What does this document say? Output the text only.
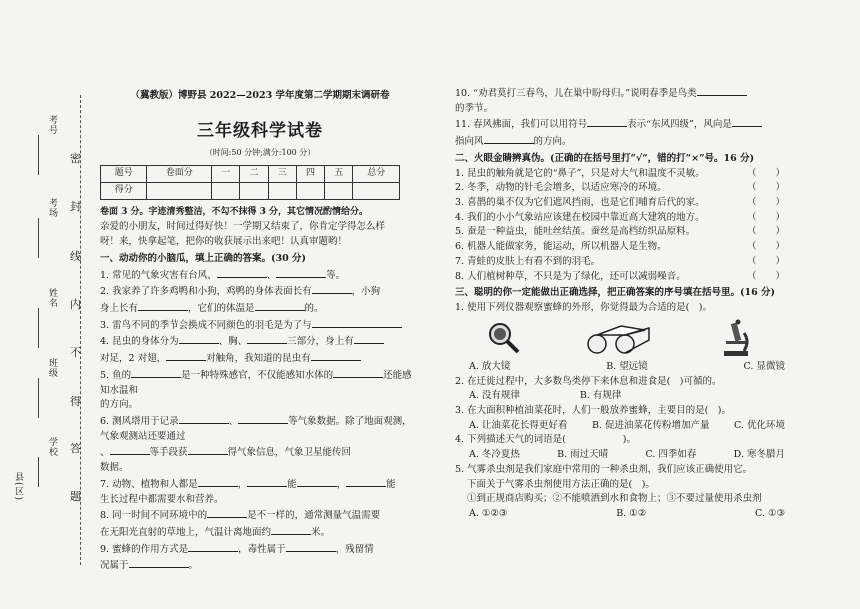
考号
考场
姓名
班级
学校
县(区)
密
封
线
内
不
得
答
题
（冀教版）博野县 2022—2023 学年度第二学期期末调研卷
三年级科学试卷
（时间:50 分钟;满分:100 分）
题号	卷面分	一	二	三	四	五	总分
得分							
卷面 3 分。字迹清秀整洁，不勾不抹得 3 分，其它情况酌情给分。
亲爱的小朋友，时间过得好快！一学期又结束了，你肯定学得怎么样
呀！来，快拿起笔，把你的收获展示出来吧！认真审题哟！
一、动动你的小脑瓜，填上正确的答案。(30 分)
1. 常见的气象灾害有台风、	、	等。
2. 我家养了许多鸡鸭和小狗，鸡鸭的身体表面长有	，小狗
身上长有	，它们的体温是	的。
3. 雷鸟不同的季节会换成不同颜色的羽毛是为了与
4. 昆虫的身体分为	、胸、	三部分，身上有
对足，2 对翅，	对触角，我知道的昆虫有
5. 鱼的	是一种特殊感官，不仅能感知水体的	还能感知水温和
的方向。
6. 测风塔用于记录	、	等气象数据。除了地面观测，气象观测站还要通过
、	等手段获	得气象信息，气象卫星能传回
数据。
7. 动物、植物和人都是	，	能	，	能
生长过程中都需要水和营养。
8. 同一时间不同环境中的	是不一样的，通常测量气温需要
在无阳光直射的草地上，气温计离地面约	米。
9. 蜜蜂的作用方式是	，毒性属于	，残留情
况属于	。
10. “劝君莫打三春鸟，儿在巢中盼母归。”说明春季是鸟类
的季节。
11. 春风拂面，我们可以用符号	表示“东风四级”，风向是
指向风	的方向。
二、火眼金睛辨真伪。(正确的在括号里打“√”，错的打“×”号。16 分)
1. 昆虫的触角就是它的“鼻子”，只是对大气和温度不灵敏。	（　　）
2. 冬季，动物的针毛会增多，以适应寒冷的环境。	（　　）
3. 喜鹊的巢不仅为它们遮风挡雨，也是它们哺育后代的家。	（　　）
4. 我们的小小气象站应该建在校园中靠近高大建筑的地方。	（　　）
5. 蚕是一种益虫，能吐丝结茧。蚕丝是高档纺织品原料。	（　　）
6. 机器人能做家务，能运动，所以机器人是生物。	（　　）
7. 青蛙的皮肤上有看不到的羽毛。	（　　）
8. 人们植树种草，不只是为了绿化，还可以减弱噪音。	（　　）
三、聪明的你一定能做出正确选择，把正确答案的序号填在括号里。(16 分)
1. 使用下列仪器观察蜜蜂的外形，你觉得最为合适的是(　)。
A. 放大镜	B. 望远镜	C. 显微镜
2. 在迁徙过程中，大多数鸟类停下来休息和进食是(　)可循的。
A. 没有规律	B. 有规律
3. 在大面积种植油菜花时，人们一般放养蜜蜂，主要目的是(　)。
A. 让油菜花长得更好看	B. 促进油菜花传粉增加产量	C. 优化环境
4. 下列描述天气的词语是(　　　　　　)。
A. 冬冷夏热	B. 雨过天晴	C. 四季如春	D. 寒冬腊月
5. 气雾杀虫剂是我们家庭中常用的一种杀虫剂，我们应该正确使用它。
下面关于气雾杀虫剂使用方法正确的是(　)。
①到正规商店购买；②不能喷洒到水和食物上；③不要过量使用杀虫剂
A. ①②③	B. ①②	C. ①③
